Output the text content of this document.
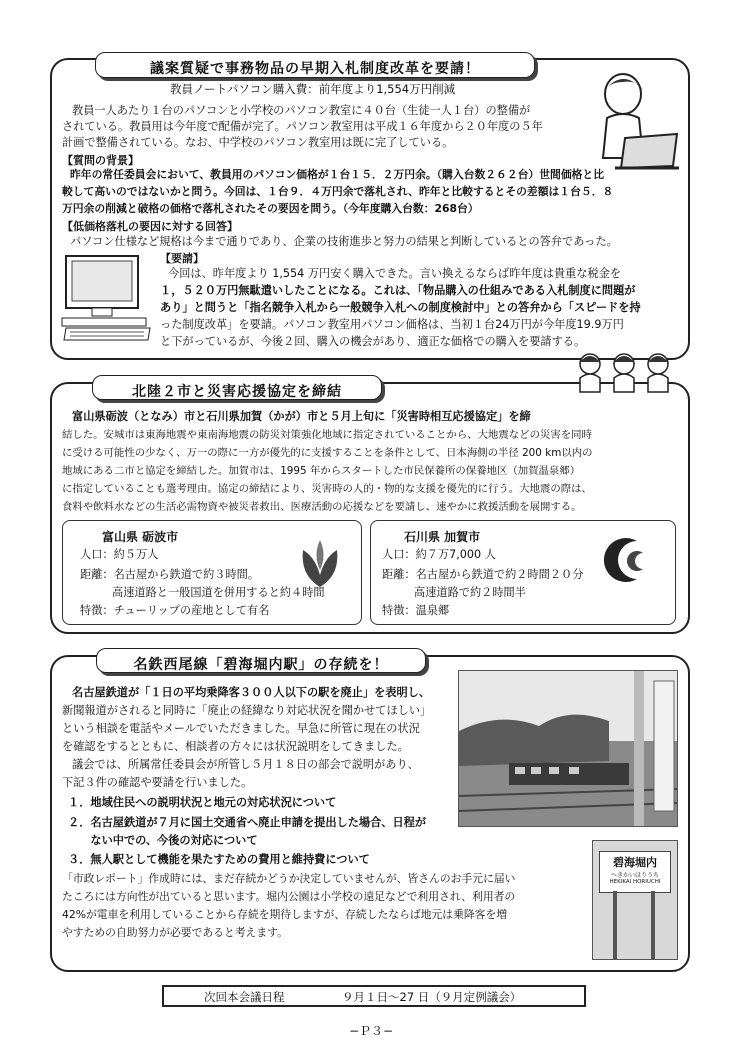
議案質疑で事務物品の早期入札制度改革を要請！
教員ノートパソコン購入費：前年度より1,554万円削減
教員一人あたり１台のパソコンと小学校のパソコン教室に４０台（生徒一人１台）の整備が
されている。教員用は今年度で配備が完了。パソコン教室用は平成１６年度から２０年度の５年
計画で整備されている。なお、中学校のパソコン教室用は既に完了している。
【質問の背景】
昨年の常任委員会において、教員用のパソコン価格が１台１５．２万円余。（購入台数２６２台）世間価格と比
較して高いのではないかと問う。今回は、１台９．４万円余で落札され、昨年と比較するとその差額は１台５．８
万円余の削減と破格の価格で落札されたその要因を問う。（今年度購入台数：268台）
【低価格落札の要因に対する回答】
パソコン仕様など規格は今まで通りであり、企業の技術進歩と努力の結果と判断しているとの答弁であった。
【要請】
今回は、昨年度より 1,554 万円安く購入できた。言い換えるならば昨年度は貴重な税金を
１，５２０万円無駄遣いしたことになる。これは、「物品購入の仕組みである入札制度に問題が
あり」と問うと「指名競争入札から一般競争入札への制度検討中」との答弁から「スピードを持
った制度改革」を要請。パソコン教室用パソコン価格は、当初１台24万円が今年度19.9万円
と下がっているが、今後２回、購入の機会があり、適正な価格での購入を要請する。
北陸２市と災害応援協定を締結
富山県砺波（となみ）市と石川県加賀（かが）市と５月上旬に「災害時相互応援協定」を締
結した。安城市は東海地震や東南海地震の防災対策強化地域に指定されていることから、大地震などの災害を同時
に受ける可能性の少なく、万一の際に一方が優先的に支援することを条件として、日本海側の半径 200 km以内の
地域にある二市と協定を締結した。加賀市は、1995 年からスタートした市民保養所の保養地区（加賀温泉郷）
に指定していることも選考理由。協定の締結により、災害時の人的・物的な支援を優先的に行う。大地震の際は、
食料や飲料水などの生活必需物資や被災者救出、医療活動の応援などを要請し、速やかに救援活動を展開する。
富山県 砺波市
人口：約５万人
距離：名古屋から鉄道で約３時間。
高速道路と一般国道を併用すると約４時間
特徴：チューリップの産地として有名
石川県 加賀市
人口：約７万7,000 人
距離：名古屋から鉄道で約２時間２０分
高速道路で約２時間半
特徴：温泉郷
名鉄西尾線「碧海堀内駅」の存続を！
名古屋鉄道が「１日の平均乗降客３００人以下の駅を廃止」を表明し、
新聞報道がされると同時に「廃止の経緯なり対応状況を聞かせてほしい」
という相談を電話やメールでいただきました。早急に所管に現在の状況
を確認をするとともに、相談者の方々には状況説明をしてきました。
議会では、所属常任委員会が所管し５月１８日の部会で説明があり、
下記３件の確認や要請を行いました。
１．地域住民への説明状況と地元の対応状況について
２．名古屋鉄道が７月に国土交通省へ廃止申請を提出した場合、日程が
　　ない中での、今後の対応について
３．無人駅として機能を果たすための費用と維持費について
「市政レポート」作成時には、まだ存続かどうか決定していませんが、皆さんのお手元に届い
たころには方向性が出ていると思います。堀内公園は小学校の遠足などで利用され、利用者の
42%が電車を利用していることから存続を期待しますが、存続したならば地元は乗降客を増
やすための自助努力が必要であると考えます。
碧海堀内
へきかいほりうち
HEKIKAI HORIUCHI
次回本会議日程	９月１日〜27 日（９月定例議会）
−Ｐ３−
